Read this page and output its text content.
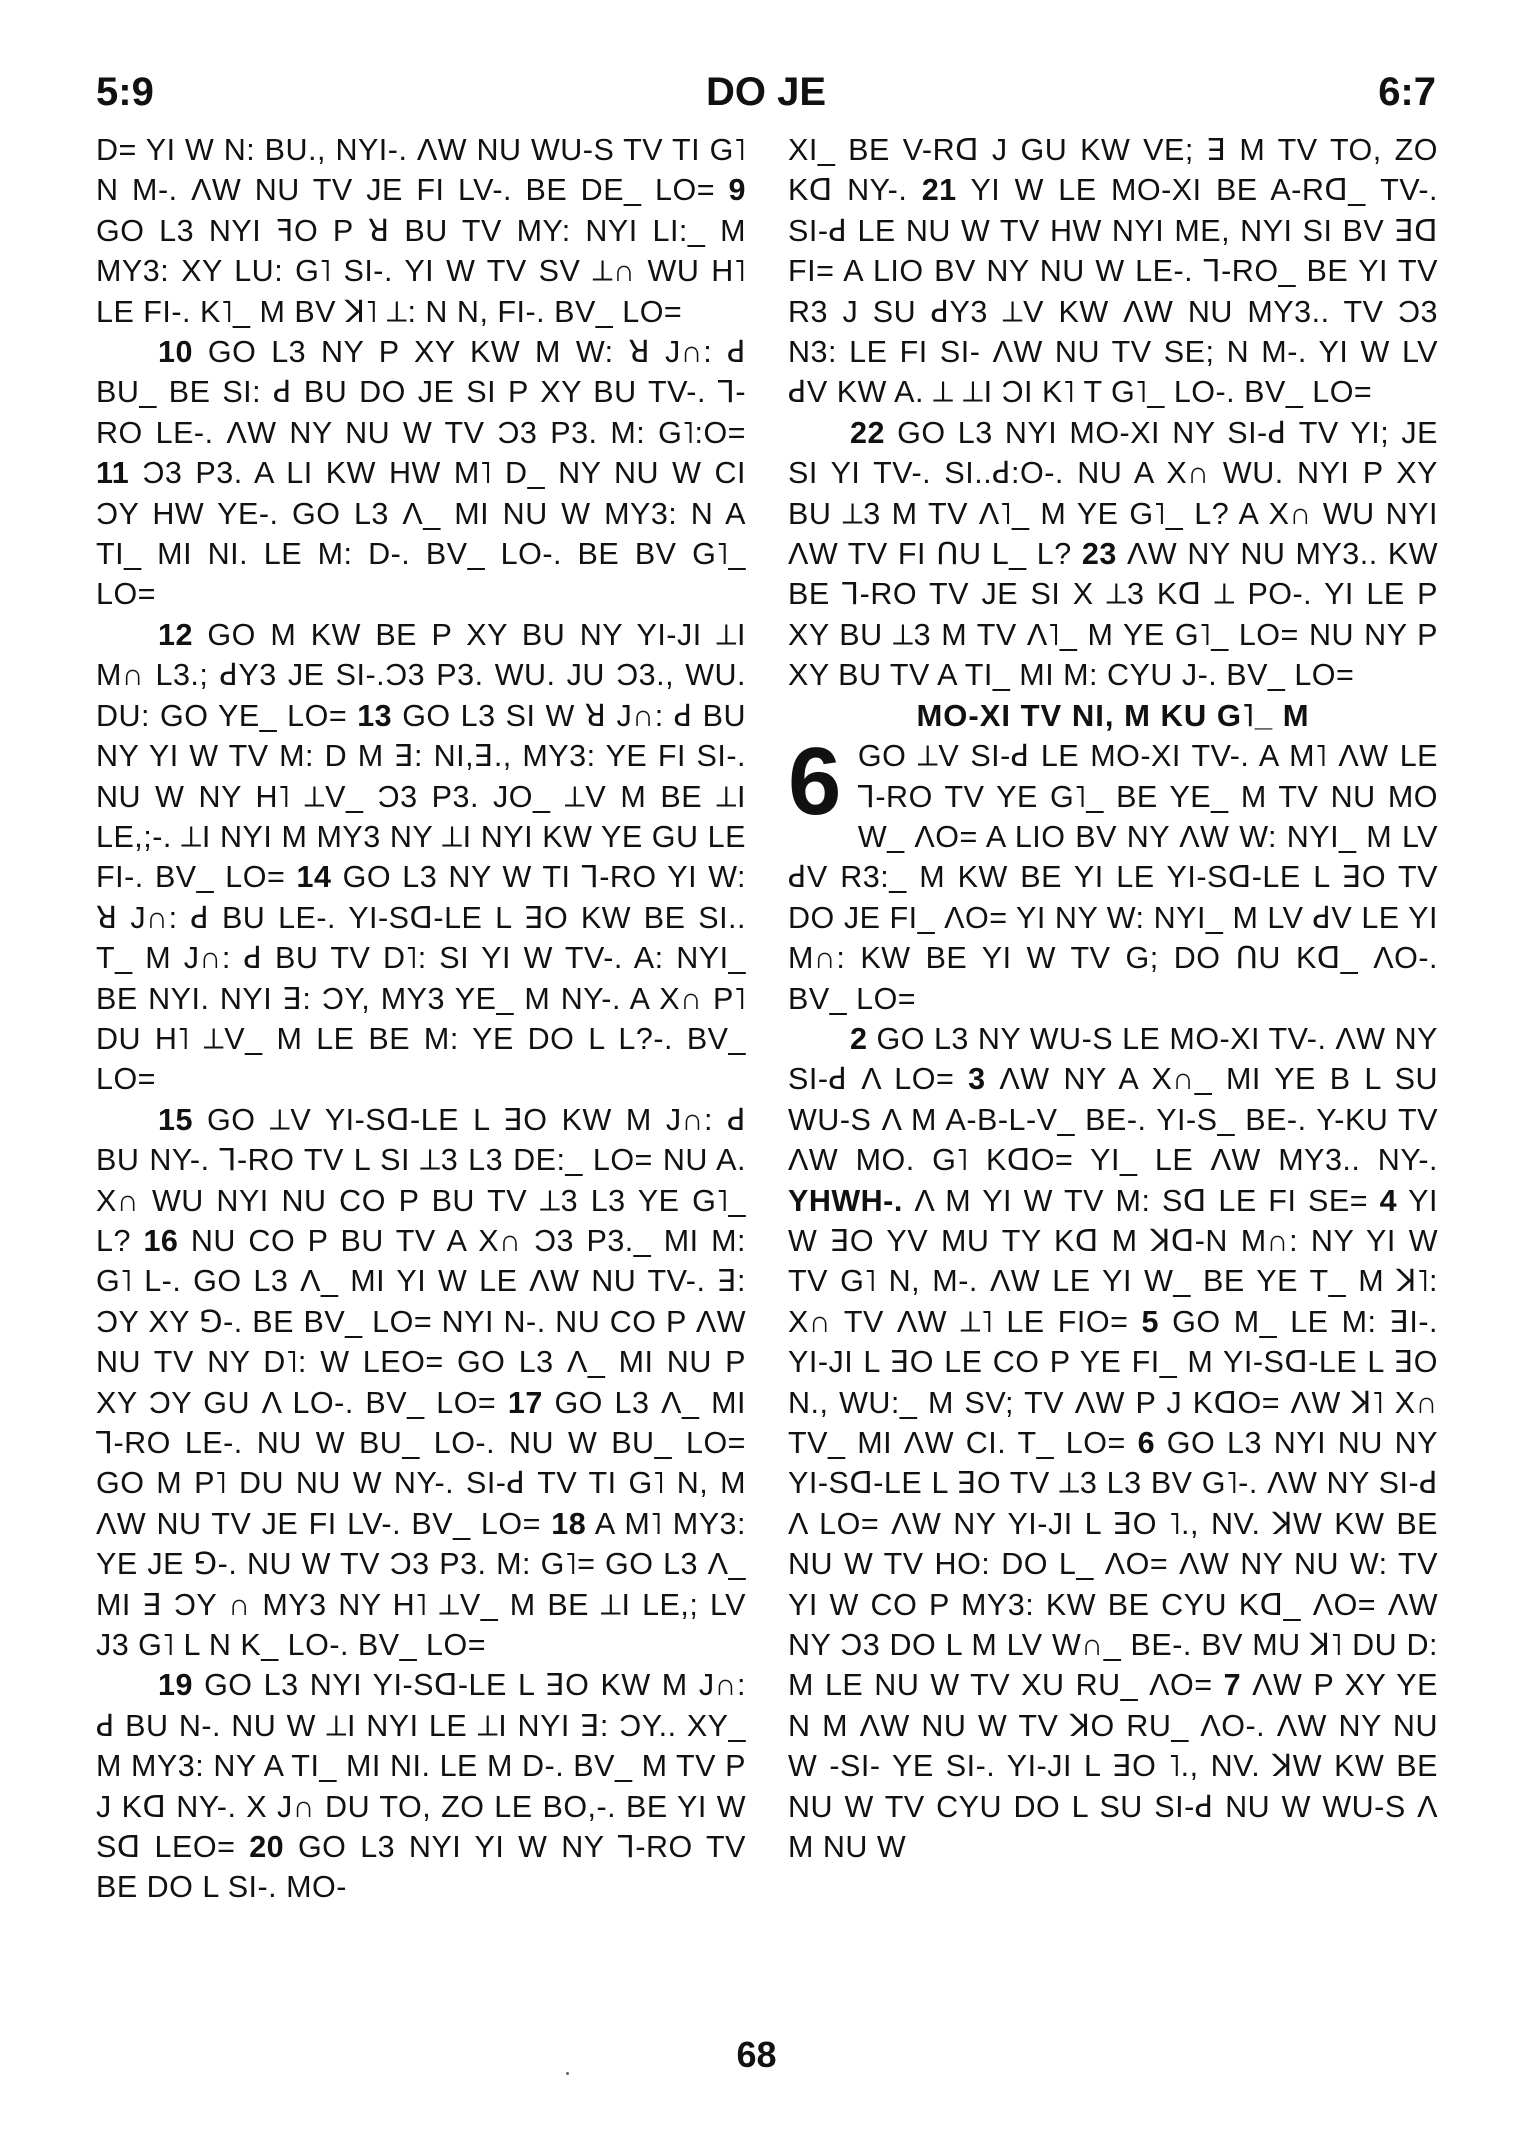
5:9	DO JE	6:7

D= YI W N: BU., NYI-. ΛW NU WU-S TV TI G˥ N M-. ΛW NU TV JE FI LV-. BE DE_ LO= 9 GO L3 NYI ꟻO P ꓤ BU TV MY: NYI LI:_ M MY3: XY LU: G˥ SI-. YI W TV SV ⟂∩ WU H˥ LE FI-. K˥_ M BV ꓘ˥ ⟂: N N, FI-. BV_ LO=

10 GO L3 NY P XY KW M W: ꓤ J∩: ꓒ BU_ BE SI: ꓒ BU DO JE SI P XY BU TV-. ꓶ-RO LE-. ΛW NY NU W TV Ɔ3 P3. M: G˥:O= 11 Ɔ3 P3. A LI KW HW M˥ D_ NY NU W CI ƆY HW YE-. GO L3 Λ_ MI NU W MY3: N A TI_ MI NI. LE M: D-. BV_ LO-. BE BV G˥_ LO=

12 GO M KW BE P XY BU NY YI-JI ⟂I M∩ L3.; ꓒY3 JE SI-.Ɔ3 P3. WU. JU Ɔ3., WU. DU: GO YE_ LO= 13 GO L3 SI W ꓤ J∩: ꓒ BU NY YI W TV M: D M ꓱ: NI,ꓱ., MY3: YE FI SI-. NU W NY H˥ ⟂V_ Ɔ3 P3. JO_ ⟂V M BE ⟂I LE,;-. ⟂I NYI M MY3 NY ⟂I NYI KW YE GU LE FI-. BV_ LO= 14 GO L3 NY W TI ꓶ-RO YI W: ꓤ J∩: ꓒ BU LE-. YI-Sꓷ-LE L ꓱO KW BE SI.. T_ M J∩: ꓒ BU TV D˥: SI YI W TV-. A: NYI_ BE NYI. NYI ꓱ: ƆY, MY3 YE_ M NY-. A X∩ P˥ DU H˥ ⟂V_ M LE BE M: YE DO L L?-. BV_ LO=

15 GO ⟂V YI-Sꓷ-LE L ꓱO KW M J∩: ꓒ BU NY-. ꓶ-RO TV L SI ⟂3 L3 DE:_ LO= NU A. X∩ WU NYI NU CO P BU TV ⟂3 L3 YE G˥_ L? 16 NU CO P BU TV A X∩ Ɔ3 P3._ MI M: G˥ L-. GO L3 Λ_ MI YI W LE ΛW NU TV-. ꓱ: ƆY XY ⅁-. BE BV_ LO= NYI N-. NU CO P ΛW NU TV NY D˥: W LEO= GO L3 Λ_ MI NU P XY ƆY GU Λ LO-. BV_ LO= 17 GO L3 Λ_ MI ꓶ-RO LE-. NU W BU_ LO-. NU W BU_ LO= GO M P˥ DU NU W NY-. SI-ꓒ TV TI G˥ N, M ΛW NU TV JE FI LV-. BV_ LO= 18 A M˥ MY3: YE JE ⅁-. NU W TV Ɔ3 P3. M: G˥= GO L3 Λ_ MI ꓱ ƆY ∩ MY3 NY H˥ ⟂V_ M BE ⟂I LE,; LV J3 G˥ L N K_ LO-. BV_ LO=

19 GO L3 NYI YI-Sꓷ-LE L ꓱO KW M J∩: ꓒ BU N-. NU W ⟂I NYI LE ⟂I NYI ꓱ: ƆY.. XY_ M MY3: NY A TI_ MI NI. LE M D-. BV_ M TV P J Kꓷ NY-. X J∩ DU TO, ZO LE BO,-. BE YI W Sꓷ LEO= 20 GO L3 NYI YI W NY ꓶ-RO TV BE DO L SI-. MO-

XI_ BE V-Rꓷ J GU KW VE; ꓱ M TV TO, ZO Kꓷ NY-. 21 YI W LE MO-XI BE A-Rꓷ_ TV-. SI-ꓒ LE NU W TV HW NYI ME, NYI SI BV ꓱꓷ FI= A LIO BV NY NU W LE-. ꓶ-RO_ BE YI TV R3 J SU ꓒY3 ⟂V KW ΛW NU MY3.. TV Ɔ3 N3: LE FI SI- ΛW NU TV SE; N M-. YI W LV ꓒV KW A. ⟂ ⟂I ƆI K˥ T G˥_ LO-. BV_ LO=

22 GO L3 NYI MO-XI NY SI-ꓒ TV YI; JE SI YI TV-. SI..ꓒ:O-. NU A X∩ WU. NYI P XY BU ⟂3 M TV Λ˥_ M YE G˥_ L? A X∩ WU NYI ΛW TV FI ꓵU L_ L? 23 ΛW NY NU MY3.. KW BE ꓶ-RO TV JE SI X ⟂3 Kꓷ ⟂ PO-. YI LE P XY BU ⟂3 M TV Λ˥_ M YE G˥_ LO= NU NY P XY BU TV A TI_ MI M: CYU J-. BV_ LO=

MO-XI TV NI, M KU G˥_ M
6 GO ⟂V SI-ꓒ LE MO-XI TV-. A M˥ ΛW LE ꓶ-RO TV YE G˥_ BE YE_ M TV NU MO W_ ΛO= A LIO BV NY ΛW W: NYI_ M LV ꓒV R3:_ M KW BE YI LE YI-Sꓷ-LE L ꓱO TV DO JE FI_ ΛO= YI NY W: NYI_ M LV ꓒV LE YI M∩: KW BE YI W TV G; DO ꓵU Kꓷ_ ΛO-. BV_ LO=

2 GO L3 NY WU-S LE MO-XI TV-. ΛW NY SI-ꓒ Λ LO= 3 ΛW NY A X∩_ MI YE B L SU WU-S Λ M A-B-L-V_ BE-. YI-S_ BE-. Y-KU TV ΛW MO. G˥ KꓷO= YI_ LE ΛW MY3.. NY-. YHWH-. Λ M YI W TV M: Sꓷ LE FI SE= 4 YI W ꓱO YV MU TY Kꓷ M ꓘꓷ-N M∩: NY YI W TV G˥ N, M-. ΛW LE YI W_ BE YE T_ M ꓘ˥: X∩ TV ΛW ⟂˥ LE FIO= 5 GO M_ LE M: ꓱI-. YI-JI L ꓱO LE CO P YE FI_ M YI-Sꓷ-LE L ꓱO N., WU:_ M SV; TV ΛW P J KꓷO= ΛW ꓘ˥ X∩ TV_ MI ΛW CI. T_ LO= 6 GO L3 NYI NU NY YI-Sꓷ-LE L ꓱO TV ⟂3 L3 BV G˥-. ΛW NY SI-ꓒ Λ LO= ΛW NY YI-JI L ꓱO ˥., NV. ꓘW KW BE NU W TV HO: DO L_ ΛO= ΛW NY NU W: TV YI W CO P MY3: KW BE CYU Kꓷ_ ΛO= ΛW NY Ɔ3 DO L M LV W∩_ BE-. BV MU ꓘ˥ DU D: M LE NU W TV XU RU_ ΛO= 7 ΛW P XY YE N M ΛW NU W TV ꓘO RU_ ΛO-. ΛW NY NU W -SI- YE SI-. YI-JI L ꓱO ˥., NV. ꓘW KW BE NU W TV CYU DO L SU SI-ꓒ NU W WU-S Λ M NU W

68
